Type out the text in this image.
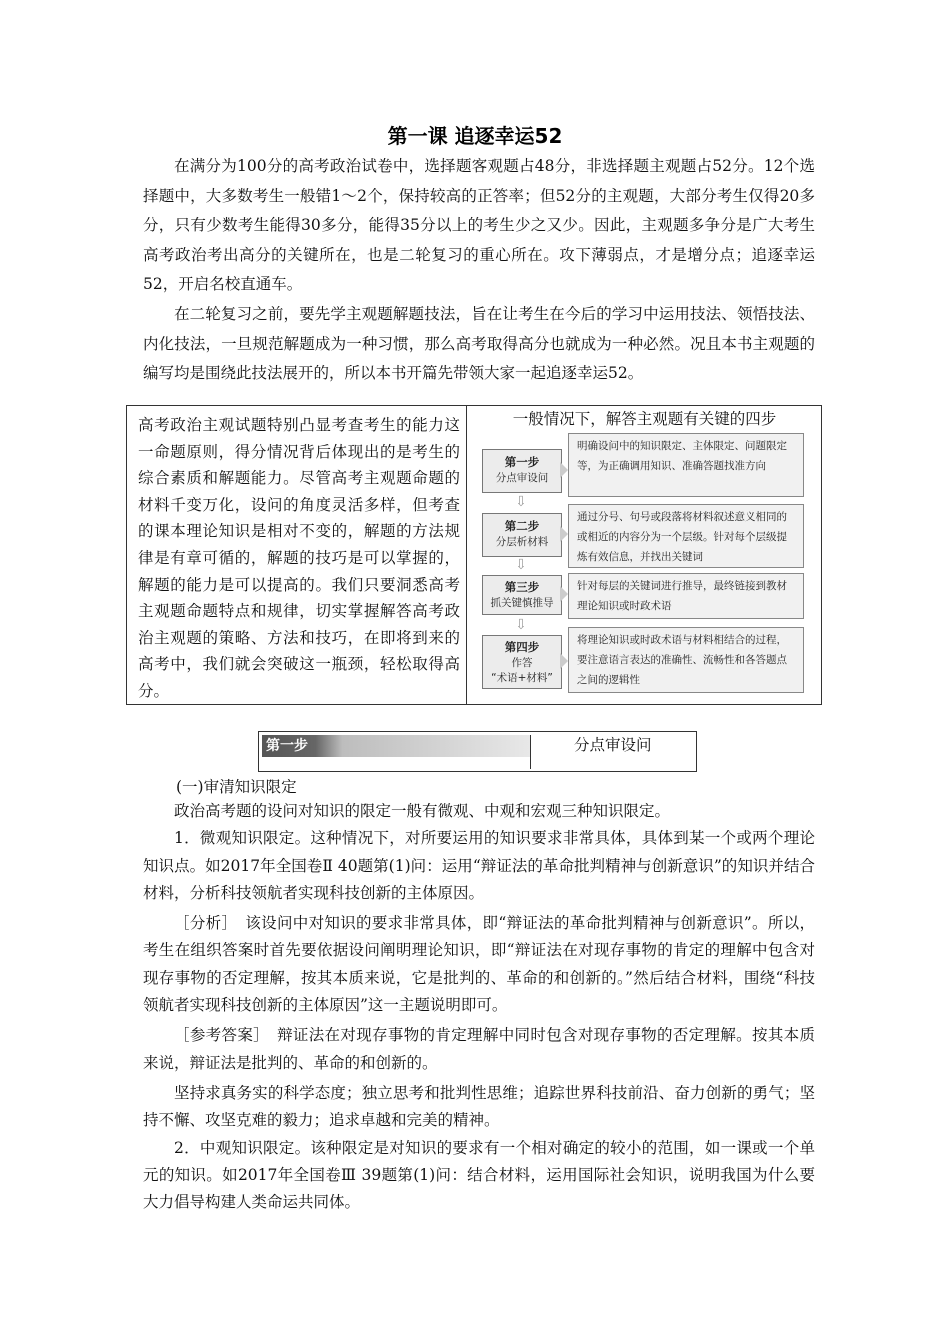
第一课 追逐幸运52

在满分为100分的高考政治试卷中，选择题客观题占48分，非选择题主观题占52分。12个选择题中，大多数考生一般错1～2个，保持较高的正答率；但52分的主观题，大部分考生仅得20多分，只有少数考生能得30多分，能得35分以上的考生少之又少。因此，主观题多争分是广大考生高考政治考出高分的关键所在，也是二轮复习的重心所在。攻下薄弱点，才是增分点；追逐幸运52，开启名校直通车。

在二轮复习之前，要先学主观题解题技法，旨在让考生在今后的学习中运用技法、领悟技法、内化技法，一旦规范解题成为一种习惯，那么高考取得高分也就成为一种必然。况且本书主观题的编写均是围绕此技法展开的，所以本书开篇先带领大家一起追逐幸运52。

高考政治主观试题特别凸显考查考生的能力这一命题原则，得分情况背后体现出的是考生的综合素质和解题能力。尽管高考主观题命题的材料千变万化，设问的角度灵活多样，但考查的课本理论知识是相对不变的，解题的方法规律是有章可循的，解题的技巧是可以掌握的，解题的能力是可以提高的。我们只要洞悉高考主观题命题特点和规律，切实掌握解答高考政治主观题的策略、方法和技巧，在即将到来的高考中，我们就会突破这一瓶颈，轻松取得高分。
一般情况下，解答主观题有关键的四步
第一步
分点审设问
明确设问中的知识限定、主体限定、问题限定等，为正确调用知识、准确答题找准方向
⇩
第二步
分层析材料
通过分号、句号或段落将材料叙述意义相同的或相近的内容分为一个层级。针对每个层级提炼有效信息，并找出关键词
⇩
第三步
抓关键慎推导
针对每层的关键词进行推导，最终链接到教材理论知识或时政术语
⇩
第四步
作答
“术语+材料”
将理论知识或时政术语与材料相结合的过程，要注意语言表达的准确性、流畅性和各答题点之间的逻辑性
第一步	分点审设问
(一)审清知识限定

政治高考题的设问对知识的限定一般有微观、中观和宏观三种知识限定。

1．微观知识限定。这种情况下，对所要运用的知识要求非常具体，具体到某一个或两个理论知识点。如2017年全国卷Ⅱ 40题第(1)问：运用“辩证法的革命批判精神与创新意识”的知识并结合材料，分析科技领航者实现科技创新的主体原因。

［分析］　该设问中对知识的要求非常具体，即“辩证法的革命批判精神与创新意识”。所以，考生在组织答案时首先要依据设问阐明理论知识，即“辩证法在对现存事物的肯定的理解中包含对现存事物的否定理解，按其本质来说，它是批判的、革命的和创新的。”然后结合材料，围绕“科技领航者实现科技创新的主体原因”这一主题说明即可。

［参考答案］　辩证法在对现存事物的肯定理解中同时包含对现存事物的否定理解。按其本质来说，辩证法是批判的、革命的和创新的。

坚持求真务实的科学态度；独立思考和批判性思维；追踪世界科技前沿、奋力创新的勇气；坚持不懈、攻坚克难的毅力；追求卓越和完美的精神。

2．中观知识限定。该种限定是对知识的要求有一个相对确定的较小的范围，如一课或一个单元的知识。如2017年全国卷Ⅲ 39题第(1)问：结合材料，运用国际社会知识，说明我国为什么要大力倡导构建人类命运共同体。
